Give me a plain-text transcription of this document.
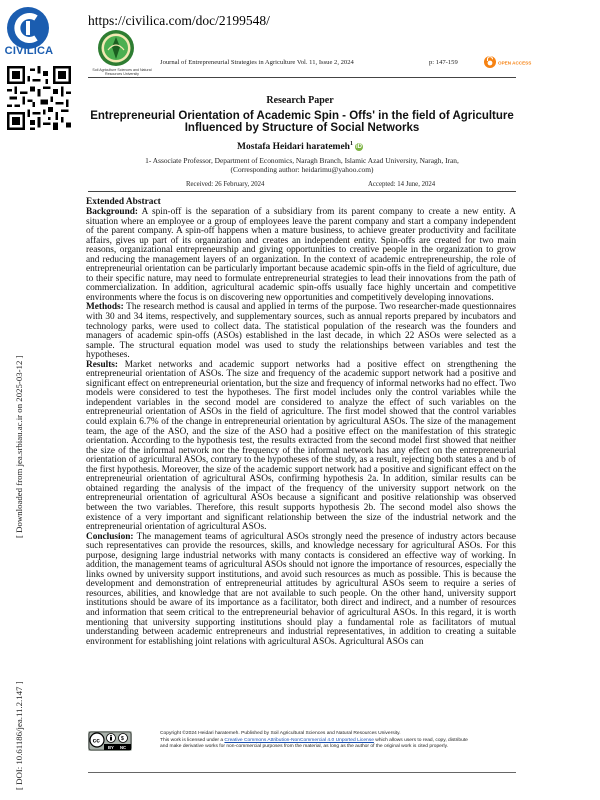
CIVILICA
[ Downloaded from jea.srbiau.ac.ir on 2025-03-12 ]
[ DOI: 10.61186/jea.11.2.147 ]
https://civilica.com/doc/2199548/
Soil Agriculture Sciences and Natural Resources University
Journal of Entrepreneurial Strategies in Agriculture Vol. 11, Issue 2, 2024	p: 147-159	OPEN ACCESS
Research Paper
Entrepreneurial Orientation of Academic Spin - Offs' in the field of Agriculture Influenced by Structure of Social Networks
Mostafa Heidari haratemeh$^1$ iD
1- Associate Professor, Department of Economics, Naragh Branch, Islamic Azad University, Naragh, Iran,
(Corresponding author: heidarimu@yahoo.com)
Received: 26 February, 2024	Accepted: 14 June, 2024
Extended Abstract

Background: A spin-off is the separation of a subsidiary from its parent company to create a new entity. A situation where an employee or a group of employees leave the parent company and start a company independent of the parent company. A spin-off happens when a mature business, to achieve greater productivity and facilitate affairs, gives up part of its organization and creates an independent entity. Spin-offs are created for two main reasons, organizational entrepreneurship and giving opportunities to creative people in the organization to grow and reducing the management layers of an organization. In the context of academic entrepreneurship, the role of entrepreneurial orientation can be particularly important because academic spin-offs in the field of agriculture, due to their specific nature, may need to formulate entrepreneurial strategies to lead their innovations from the path of commercialization. In addition, agricultural academic spin-offs usually face highly uncertain and competitive environments where the focus is on discovering new opportunities and competitively developing innovations.

Methods: The research method is causal and applied in terms of the purpose. Two researcher-made questionnaires with 30 and 34 items, respectively, and supplementary sources, such as annual reports prepared by incubators and technology parks, were used to collect data. The statistical population of the research was the founders and managers of academic spin-offs (ASOs) established in the last decade, in which 22 ASOs were selected as a sample. The structural equation model was used to study the relationships between variables and test the hypotheses.

Results: Market networks and academic support networks had a positive effect on strengthening the entrepreneurial orientation of ASOs. The size and frequency of the academic support network had a positive and significant effect on entrepreneurial orientation, but the size and frequency of informal networks had no effect. Two models were considered to test the hypotheses. The first model includes only the control variables while the independent variables in the second model are considered to analyze the effect of such variables on the entrepreneurial orientation of ASOs in the field of agriculture. The first model showed that the control variables could explain 6.7% of the change in entrepreneurial orientation by agricultural ASOs. The size of the management team, the age of the ASO, and the size of the ASO had a positive effect on the manifestation of this strategic orientation. According to the hypothesis test, the results extracted from the second model first showed that neither the size of the informal network nor the frequency of the informal network has any effect on the entrepreneurial orientation of agricultural ASOs, contrary to the hypotheses of the study, as a result, rejecting both states a and b of the first hypothesis. Moreover, the size of the academic support network had a positive and significant effect on the entrepreneurial orientation of agricultural ASOs, confirming hypothesis 2a. In addition, similar results can be obtained regarding the analysis of the impact of the frequency of the university support network on the entrepreneurial orientation of agricultural ASOs because a significant and positive relationship was observed between the two variables. Therefore, this result supports hypothesis 2b. The second model also shows the existence of a very important and significant relationship between the size of the industrial network and the entrepreneurial orientation of agricultural ASOs.

Conclusion: The management teams of agricultural ASOs strongly need the presence of industry actors because such representatives can provide the resources, skills, and knowledge necessary for agricultural ASOs. For this purpose, designing large industrial networks with many contacts is considered an effective way of working. In addition, the management teams of agricultural ASOs should not ignore the importance of resources, especially the links owned by university support institutions, and avoid such resources as much as possible. This is because the development and demonstration of entrepreneurial attitudes by agricultural ASOs seem to require a series of resources, abilities, and knowledge that are not available to such people. On the other hand, university support institutions should be aware of its importance as a facilitator, both direct and indirect, and a number of resources and information that seem critical to the entrepreneurial behavior of agricultural ASOs. In this regard, it is worth mentioning that university supporting institutions should play a fundamental role as facilitators of mutual understanding between academic entrepreneurs and industrial representatives, in addition to creating a suitable environment for establishing joint relations with agricultural ASOs. Agricultural ASOs can

cc	$
BY NC
Copyright ©2024 Heidari haratemeh. Published by Soil Agricultural Sciences and Natural Resources University.
This work is licensed under a Creative Commons Attribution-NonCommercial 4.0 Unported License which allows users to read, copy, distribute
and make derivative works for non-commercial purposes from the material, as long as the author of the original work is cited properly.
